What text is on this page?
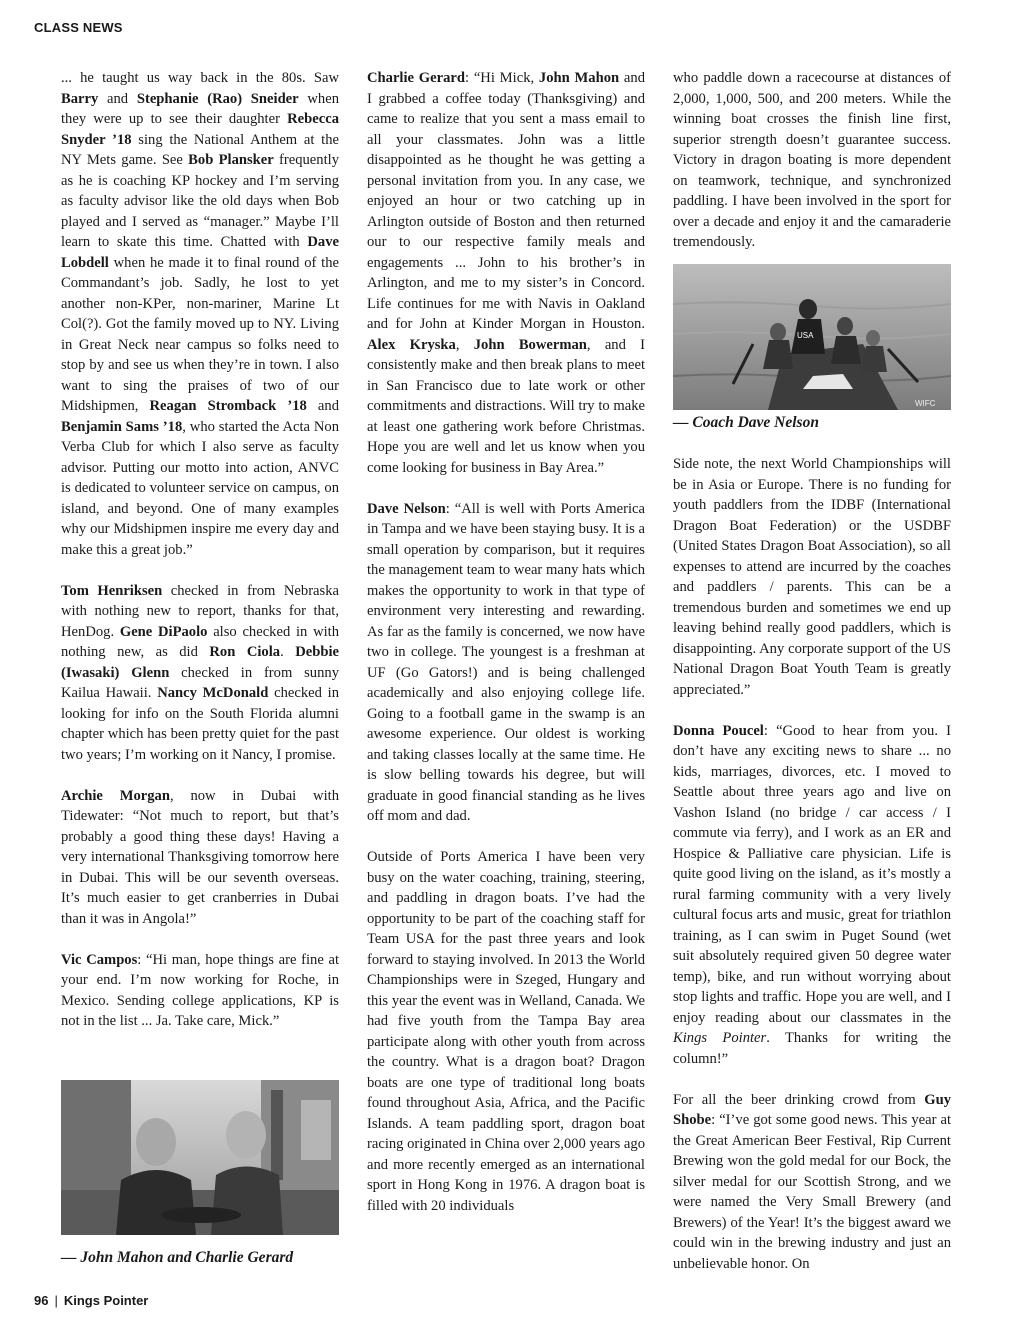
CLASS NEWS

... he taught us way back in the 80s. Saw Barry and Stephanie (Rao) Sneider when they were up to see their daughter Rebecca Snyder ’18 sing the National Anthem at the NY Mets game. See Bob Plansker frequently as he is coaching KP hockey and I’m serving as faculty advisor like the old days when Bob played and I served as “manager.” Maybe I’ll learn to skate this time. Chatted with Dave Lobdell when he made it to final round of the Commandant’s job. Sadly, he lost to yet another non-KPer, non-mariner, Marine Lt Col(?). Got the family moved up to NY. Living in Great Neck near campus so folks need to stop by and see us when they’re in town. I also want to sing the praises of two of our Midshipmen, Reagan Stromback ’18 and Benjamin Sams ’18, who started the Acta Non Verba Club for which I also serve as faculty advisor. Putting our motto into action, ANVC is dedicated to volunteer service on campus, on island, and beyond. One of many examples why our Midshipmen inspire me every day and make this a great job.”

Tom Henriksen checked in from Nebraska with nothing new to report, thanks for that, HenDog. Gene DiPaolo also checked in with nothing new, as did Ron Ciola. Debbie (Iwasaki) Glenn checked in from sunny Kailua Hawaii. Nancy McDonald checked in looking for info on the South Florida alumni chapter which has been pretty quiet for the past two years; I’m working on it Nancy, I promise.

Archie Morgan, now in Dubai with Tidewater: “Not much to report, but that’s probably a good thing these days! Having a very international Thanksgiving tomorrow here in Dubai. This will be our seventh overseas. It’s much easier to get cranberries in Dubai than it was in Angola!”

Vic Campos: “Hi man, hope things are fine at your end. I’m now working for Roche, in Mexico. Sending college applications, KP is not in the list ... Ja. Take care, Mick.”

— John Mahon and Charlie Gerard

Charlie Gerard: “Hi Mick, John Mahon and I grabbed a coffee today (Thanksgiving) and came to realize that you sent a mass email to all your classmates. John was a little disappointed as he thought he was getting a personal invitation from you. In any case, we enjoyed an hour or two catching up in Arlington outside of Boston and then returned our to our respective family meals and engagements ... John to his brother’s in Arlington, and me to my sister’s in Concord. Life continues for me with Navis in Oakland and for John at Kinder Morgan in Houston. Alex Kryska, John Bowerman, and I consistently make and then break plans to meet in San Francisco due to late work or other commitments and distractions. Will try to make at least one gathering work before Christmas. Hope you are well and let us know when you come looking for business in Bay Area.”

Dave Nelson: “All is well with Ports America in Tampa and we have been staying busy. It is a small operation by comparison, but it requires the management team to wear many hats which makes the opportunity to work in that type of environment very interesting and rewarding. As far as the family is concerned, we now have two in college. The youngest is a freshman at UF (Go Gators!) and is being challenged academically and also enjoying college life. Going to a football game in the swamp is an awesome experience. Our oldest is working and taking classes locally at the same time. He is slow belling towards his degree, but will graduate in good financial standing as he lives off mom and dad.

Outside of Ports America I have been very busy on the water coaching, training, steering, and paddling in dragon boats. I’ve had the opportunity to be part of the coaching staff for Team USA for the past three years and look forward to staying involved. In 2013 the World Championships were in Szeged, Hungary and this year the event was in Welland, Canada. We had five youth from the Tampa Bay area participate along with other youth from across the country. What is a dragon boat? Dragon boats are one type of traditional long boats found throughout Asia, Africa, and the Pacific Islands. A team paddling sport, dragon boat racing originated in China over 2,000 years ago and more recently emerged as an international sport in Hong Kong in 1976. A dragon boat is filled with 20 individuals

who paddle down a racecourse at distances of 2,000, 1,000, 500, and 200 meters. While the winning boat crosses the finish line first, superior strength doesn’t guarantee success. Victory in dragon boating is more dependent on teamwork, technique, and synchronized paddling. I have been involved in the sport for over a decade and enjoy it and the camaraderie tremendously.

USA
WIFC
— Coach Dave Nelson

Side note, the next World Championships will be in Asia or Europe. There is no funding for youth paddlers from the IDBF (International Dragon Boat Federation) or the USDBF (United States Dragon Boat Association), so all expenses to attend are incurred by the coaches and paddlers / parents. This can be a tremendous burden and sometimes we end up leaving behind really good paddlers, which is disappointing. Any corporate support of the US National Dragon Boat Youth Team is greatly appreciated.”

Donna Poucel: “Good to hear from you. I don’t have any exciting news to share ... no kids, marriages, divorces, etc. I moved to Seattle about three years ago and live on Vashon Island (no bridge / car access / I commute via ferry), and I work as an ER and Hospice & Palliative care physician. Life is quite good living on the island, as it’s mostly a rural farming community with a very lively cultural focus arts and music, great for triathlon training, as I can swim in Puget Sound (wet suit absolutely required given 50 degree water temp), bike, and run without worrying about stop lights and traffic. Hope you are well, and I enjoy reading about our classmates in the Kings Pointer. Thanks for writing the column!”

For all the beer drinking crowd from Guy Shobe: “I’ve got some good news. This year at the Great American Beer Festival, Rip Current Brewing won the gold medal for our Bock, the silver medal for our Scottish Strong, and we were named the Very Small Brewery (and Brewers) of the Year! It’s the biggest award we could win in the brewing industry and just an unbelievable honor. On

96 | Kings Pointer
